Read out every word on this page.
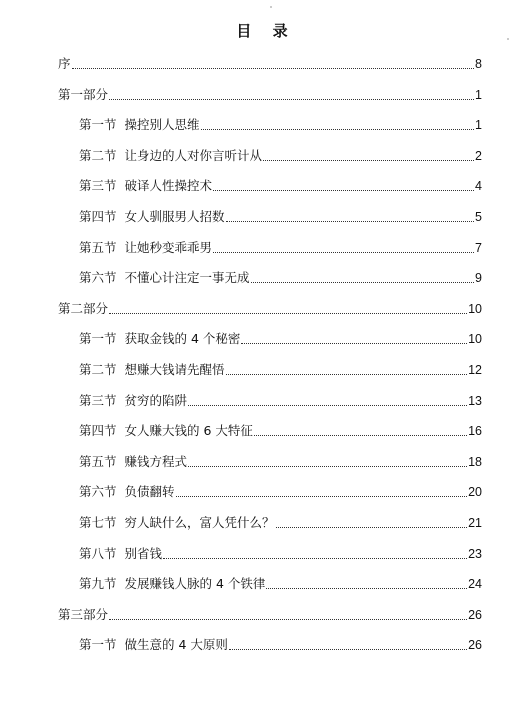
目 录
序	8
第一部分	1
第一节 操控别人思维	1
第二节 让身边的人对你言听计从	2
第三节 破译人性操控术	4
第四节 女人驯服男人招数	5
第五节 让她秒变乖乖男	7
第六节 不懂心计注定一事无成	9
第二部分	10
第一节 获取金钱的 4 个秘密	10
第二节 想赚大钱请先醒悟	12
第三节 贫穷的陷阱	13
第四节 女人赚大钱的 6 大特征	16
第五节 赚钱方程式	18
第六节 负债翻转	20
第七节 穷人缺什么，富人凭什么？	21
第八节 别省钱	23
第九节 发展赚钱人脉的 4 个铁律	24
第三部分	26
第一节 做生意的 4 大原则	26
